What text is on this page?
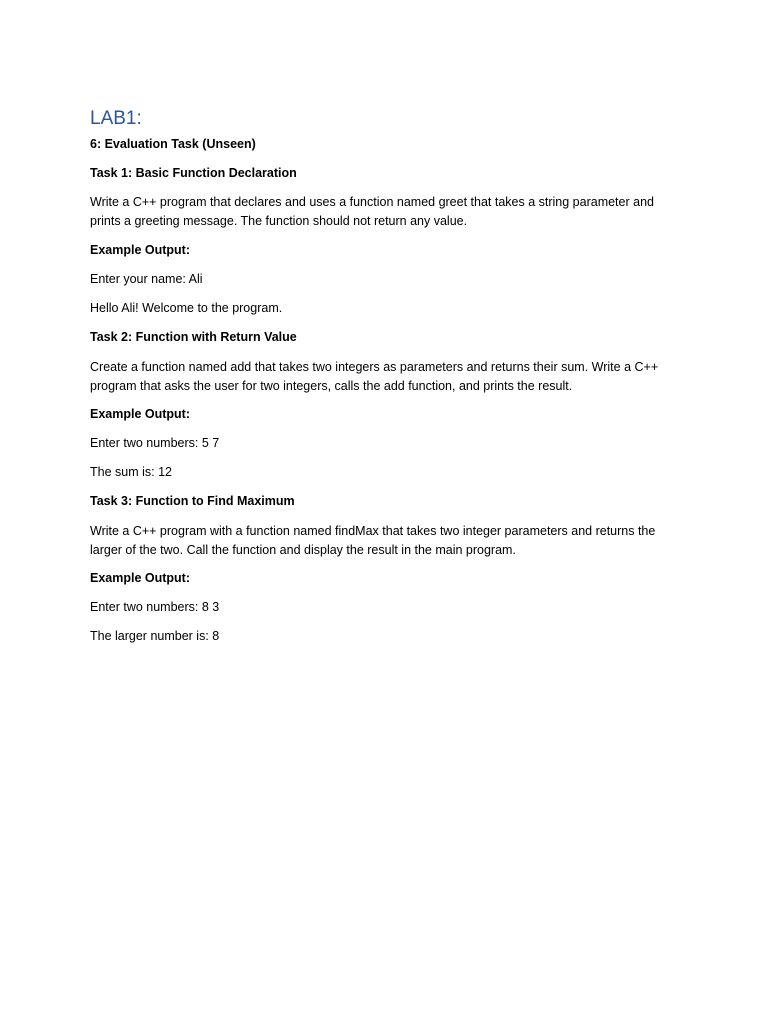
LAB1:
6: Evaluation Task (Unseen)
Task 1: Basic Function Declaration
Write a C++ program that declares and uses a function named greet that takes a string parameter and prints a greeting message. The function should not return any value.
Example Output:
Enter your name: Ali
Hello Ali! Welcome to the program.
Task 2: Function with Return Value
Create a function named add that takes two integers as parameters and returns their sum. Write a C++ program that asks the user for two integers, calls the add function, and prints the result.
Example Output:
Enter two numbers: 5 7
The sum is: 12
Task 3: Function to Find Maximum
Write a C++ program with a function named findMax that takes two integer parameters and returns the larger of the two. Call the function and display the result in the main program.
Example Output:
Enter two numbers: 8 3
The larger number is: 8
